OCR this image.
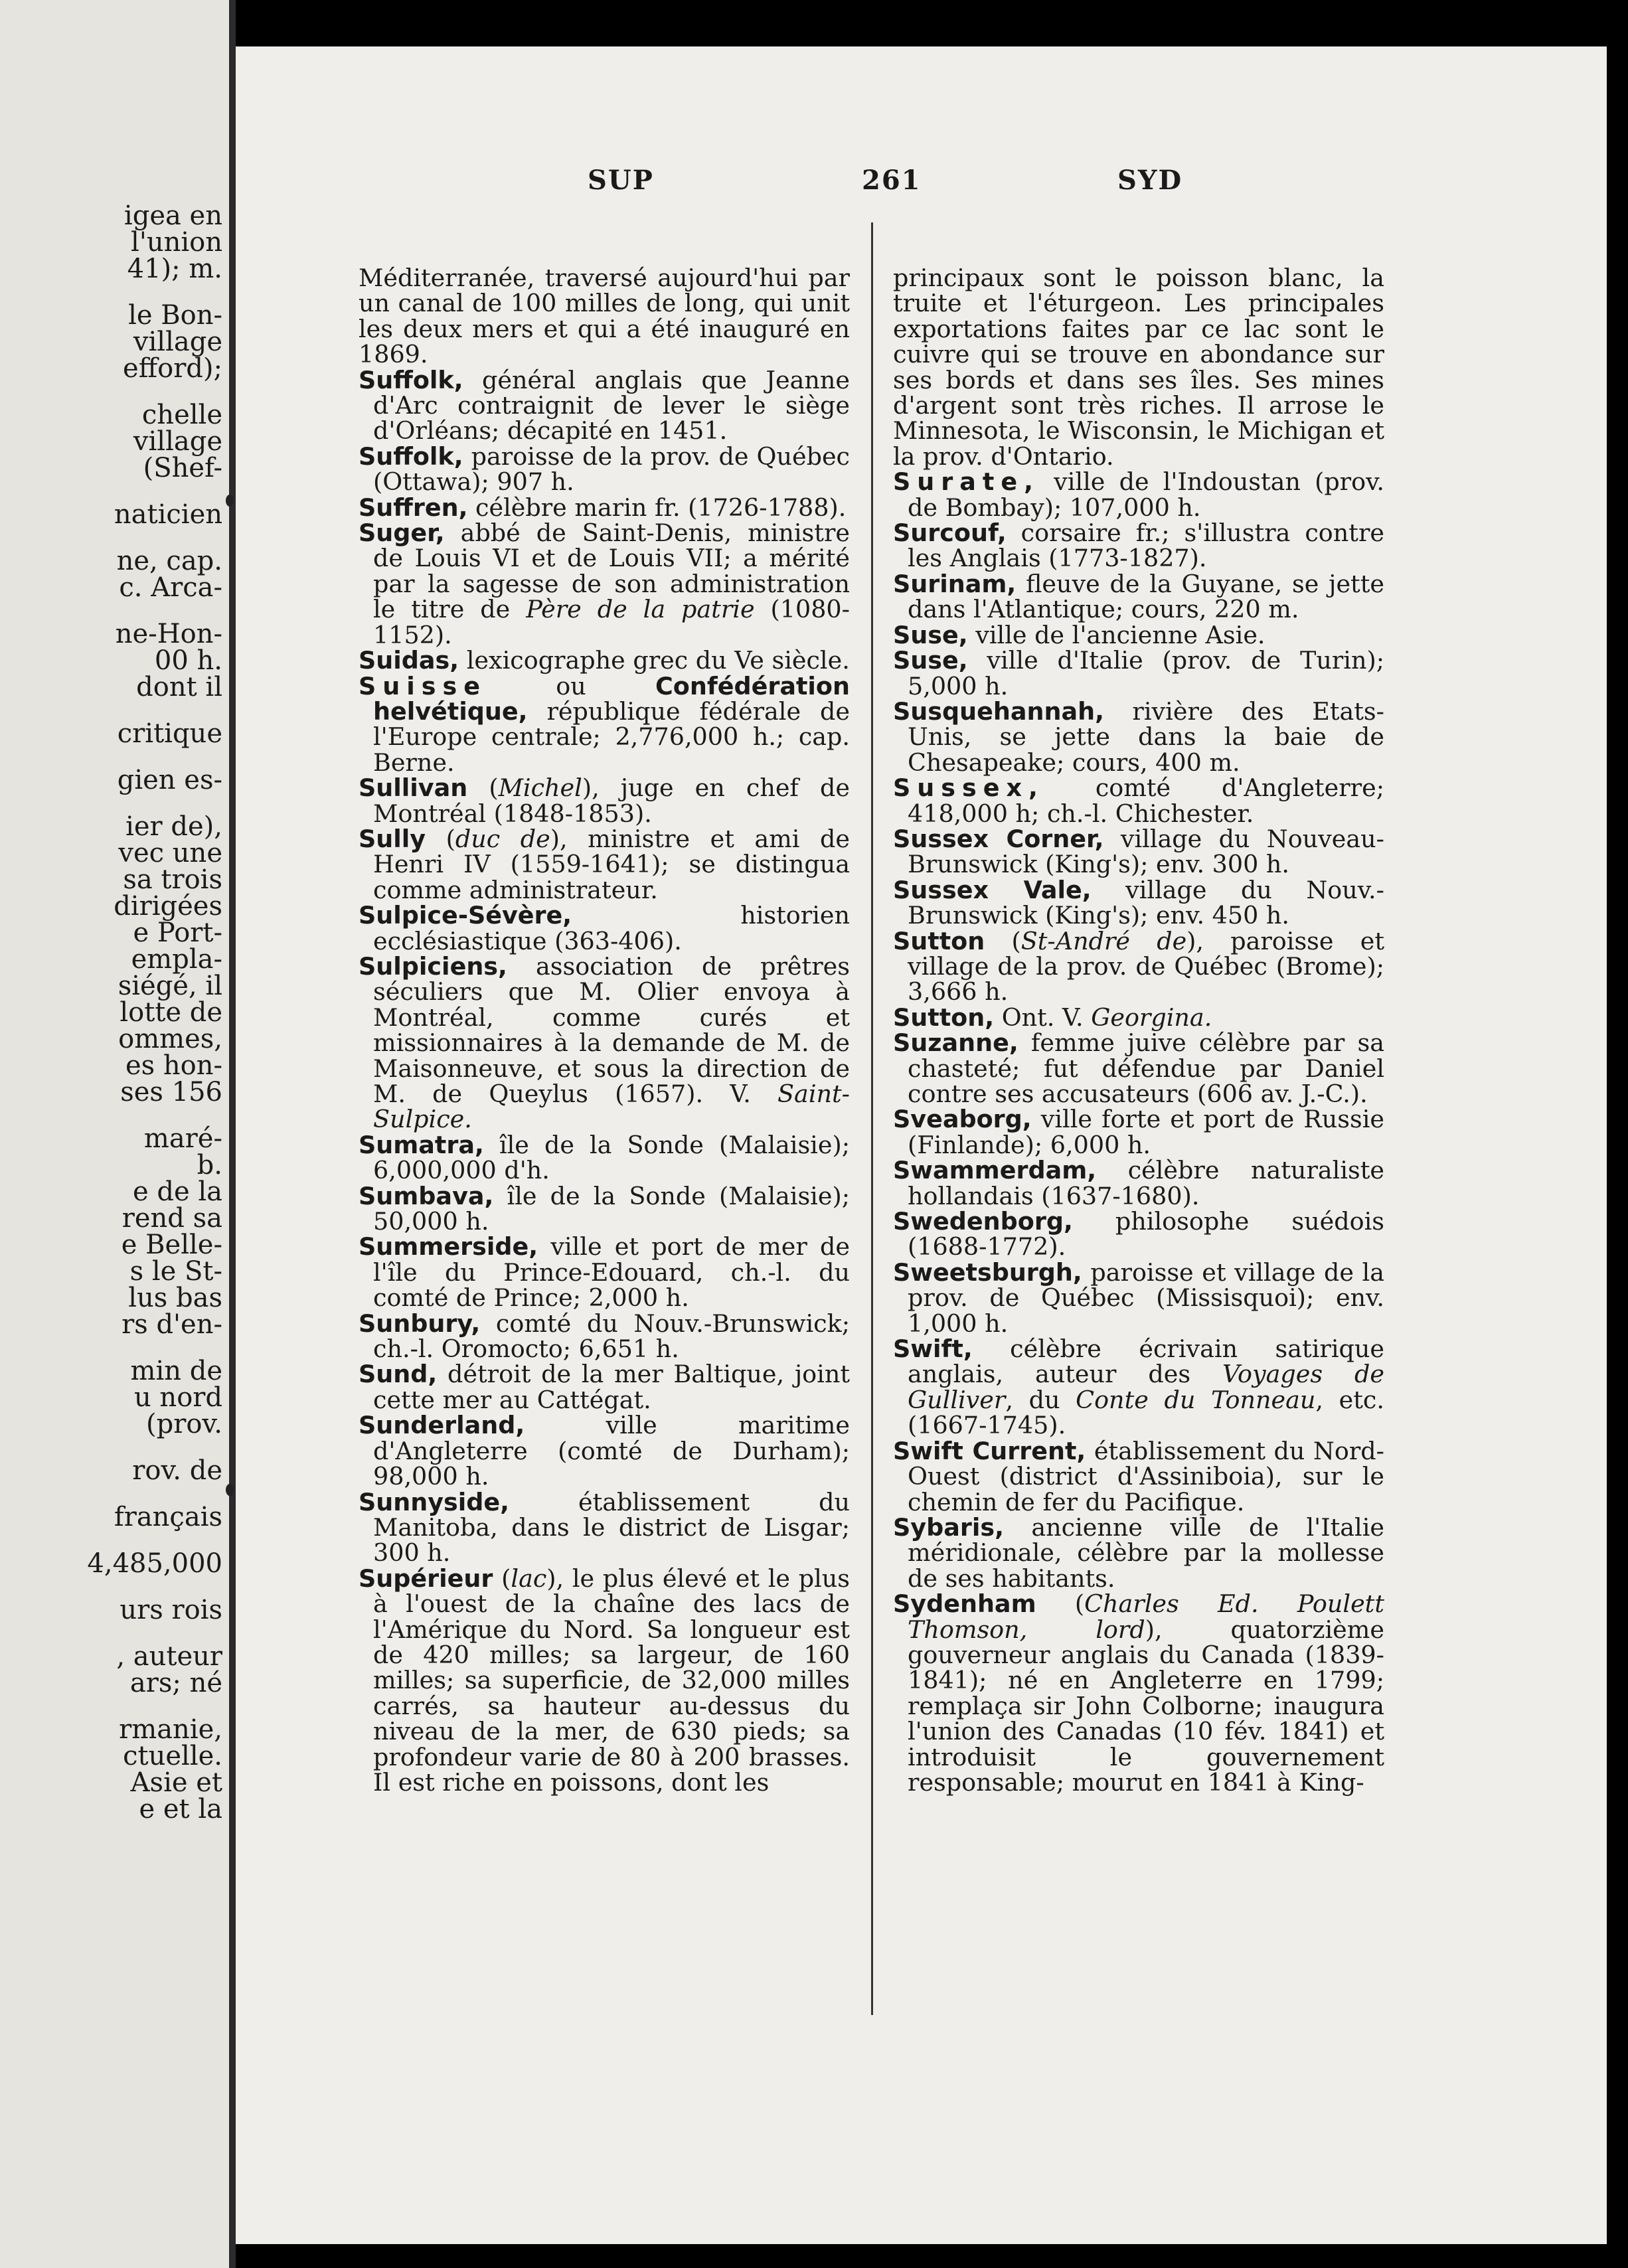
igea en
l'union
41); m.
le Bon-
village
efford);
chelle
village
(Shef-
naticien
ne, cap.
c. Arca-
ne-Hon-
00 h.
dont il
critique
gien es-
ier de),
vec une
sa trois
dirigées
e Port-
empla-
siégé, il
lotte de
ommes,
es hon-
ses 156
maré-
b.
e de la
rend sa
e Belle-
s le St-
lus bas
rs d'en-
min de
u nord
(prov.
rov. de
français
4,485,000
urs rois
, auteur
ars; né
rmanie,
ctuelle.
Asie et
e et la
SUP	261	SYD

Méditerranée, traversé aujourd'hui par un canal de 100 milles de long, qui unit les deux mers et qui a été inauguré en 1869.

Suffolk, général anglais que Jeanne d'Arc contraignit de lever le siège d'Orléans; décapité en 1451.

Suffolk, paroisse de la prov. de Québec (Ottawa); 907 h.

Suffren, célèbre marin fr. (1726-1788).

Suger, abbé de Saint-Denis, ministre de Louis VI et de Louis VII; a mérité par la sagesse de son administration le titre de Père de la patrie (1080-1152).

Suidas, lexicographe grec du Ve siècle.

Suisse ou Confédération helvétique, république fédérale de l'Europe centrale; 2,776,000 h.; cap. Berne.

Sullivan (Michel), juge en chef de Montréal (1848-1853).

Sully (duc de), ministre et ami de Henri IV (1559-1641); se distingua comme administrateur.

Sulpice-Sévère, historien ecclésiastique (363-406).

Sulpiciens, association de prêtres séculiers que M. Olier envoya à Montréal, comme curés et missionnaires à la demande de M. de Maisonneuve, et sous la direction de M. de Queylus (1657). V. Saint-Sulpice.

Sumatra, île de la Sonde (Malaisie); 6,000,000 d'h.

Sumbava, île de la Sonde (Malaisie); 50,000 h.

Summerside, ville et port de mer de l'île du Prince-Edouard, ch.-l. du comté de Prince; 2,000 h.

Sunbury, comté du Nouv.-Brunswick; ch.-l. Oromocto; 6,651 h.

Sund, détroit de la mer Baltique, joint cette mer au Cattégat.

Sunderland, ville maritime d'Angleterre (comté de Durham); 98,000 h.

Sunnyside, établissement du Manitoba, dans le district de Lisgar; 300 h.

Supérieur (lac), le plus élevé et le plus à l'ouest de la chaîne des lacs de l'Amérique du Nord. Sa longueur est de 420 milles; sa largeur, de 160 milles; sa superficie, de 32,000 milles carrés, sa hauteur au-dessus du niveau de la mer, de 630 pieds; sa profondeur varie de 80 à 200 brasses. Il est riche en poissons, dont les

principaux sont le poisson blanc, la truite et l'éturgeon. Les principales exportations faites par ce lac sont le cuivre qui se trouve en abondance sur ses bords et dans ses îles. Ses mines d'argent sont très riches. Il arrose le Minnesota, le Wisconsin, le Michigan et la prov. d'Ontario.

Surate, ville de l'Indoustan (prov. de Bombay); 107,000 h.

Surcouf, corsaire fr.; s'illustra contre les Anglais (1773-1827).

Surinam, fleuve de la Guyane, se jette dans l'Atlantique; cours, 220 m.

Suse, ville de l'ancienne Asie.

Suse, ville d'Italie (prov. de Turin); 5,000 h.

Susquehannah, rivière des Etats-Unis, se jette dans la baie de Chesapeake; cours, 400 m.

Sussex, comté d'Angleterre; 418,000 h; ch.-l. Chichester.

Sussex Corner, village du Nouveau-Brunswick (King's); env. 300 h.

Sussex Vale, village du Nouv.-Brunswick (King's); env. 450 h.

Sutton (St-André de), paroisse et village de la prov. de Québec (Brome); 3,666 h.

Sutton, Ont. V. Georgina.

Suzanne, femme juive célèbre par sa chasteté; fut défendue par Daniel contre ses accusateurs (606 av. J.-C.).

Sveaborg, ville forte et port de Russie (Finlande); 6,000 h.

Swammerdam, célèbre naturaliste hollandais (1637-1680).

Swedenborg, philosophe suédois (1688-1772).

Sweetsburgh, paroisse et village de la prov. de Québec (Missisquoi); env. 1,000 h.

Swift, célèbre écrivain satirique anglais, auteur des Voyages de Gulliver, du Conte du Tonneau, etc. (1667-1745).

Swift Current, établissement du Nord-Ouest (district d'Assiniboia), sur le chemin de fer du Pacifique.

Sybaris, ancienne ville de l'Italie méridionale, célèbre par la mollesse de ses habitants.

Sydenham (Charles Ed. Poulett Thomson, lord), quatorzième gouverneur anglais du Canada (1839-1841); né en Angleterre en 1799; remplaça sir John Colborne; inaugura l'union des Canadas (10 fév. 1841) et introduisit le gouvernement responsable; mourut en 1841 à King-
